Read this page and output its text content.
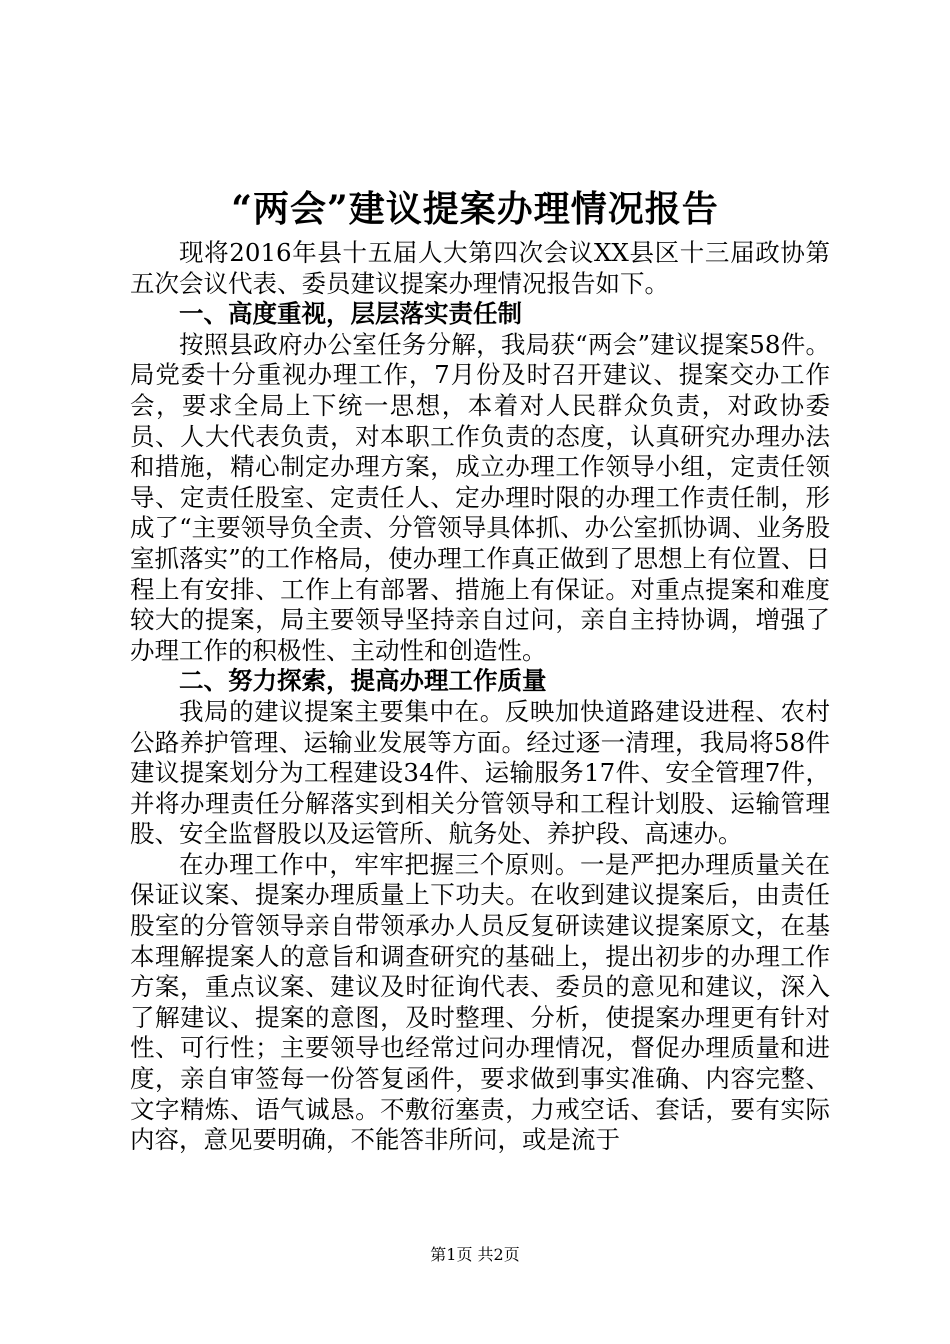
“两会”建议提案办理情况报告

现将2016年县十五届人大第四次会议XX县区十三届政协第五次会议代表、委员建议提案办理情况报告如下。

一、高度重视，层层落实责任制

按照县政府办公室任务分解，我局获“两会”建议提案58件。局党委十分重视办理工作，7月份及时召开建议、提案交办工作会，要求全局上下统一思想，本着对人民群众负责，对政协委员、人大代表负责，对本职工作负责的态度，认真研究办理办法和措施，精心制定办理方案，成立办理工作领导小组，定责任领导、定责任股室、定责任人、定办理时限的办理工作责任制，形成了“主要领导负全责、分管领导具体抓、办公室抓协调、业务股室抓落实”的工作格局，使办理工作真正做到了思想上有位置、日程上有安排、工作上有部署、措施上有保证。对重点提案和难度较大的提案，局主要领导坚持亲自过问，亲自主持协调，增强了办理工作的积极性、主动性和创造性。

二、努力探索，提高办理工作质量

我局的建议提案主要集中在。反映加快道路建设进程、农村公路养护管理、运输业发展等方面。经过逐一清理，我局将58件建议提案划分为工程建设34件、运输服务17件、安全管理7件，并将办理责任分解落实到相关分管领导和工程计划股、运输管理股、安全监督股以及运管所、航务处、养护段、高速办。

在办理工作中，牢牢把握三个原则。一是严把办理质量关在保证议案、提案办理质量上下功夫。在收到建议提案后，由责任股室的分管领导亲自带领承办人员反复研读建议提案原文，在基本理解提案人的意旨和调查研究的基础上，提出初步的办理工作方案，重点议案、建议及时征询代表、委员的意见和建议，深入了解建议、提案的意图，及时整理、分析，使提案办理更有针对性、可行性；主要领导也经常过问办理情况，督促办理质量和进度，亲自审签每一份答复函件，要求做到事实准确、内容完整、文字精炼、语气诚恳。不敷衍塞责，力戒空话、套话，要有实际内容，意见要明确，不能答非所问，或是流于

第1页 共2页
